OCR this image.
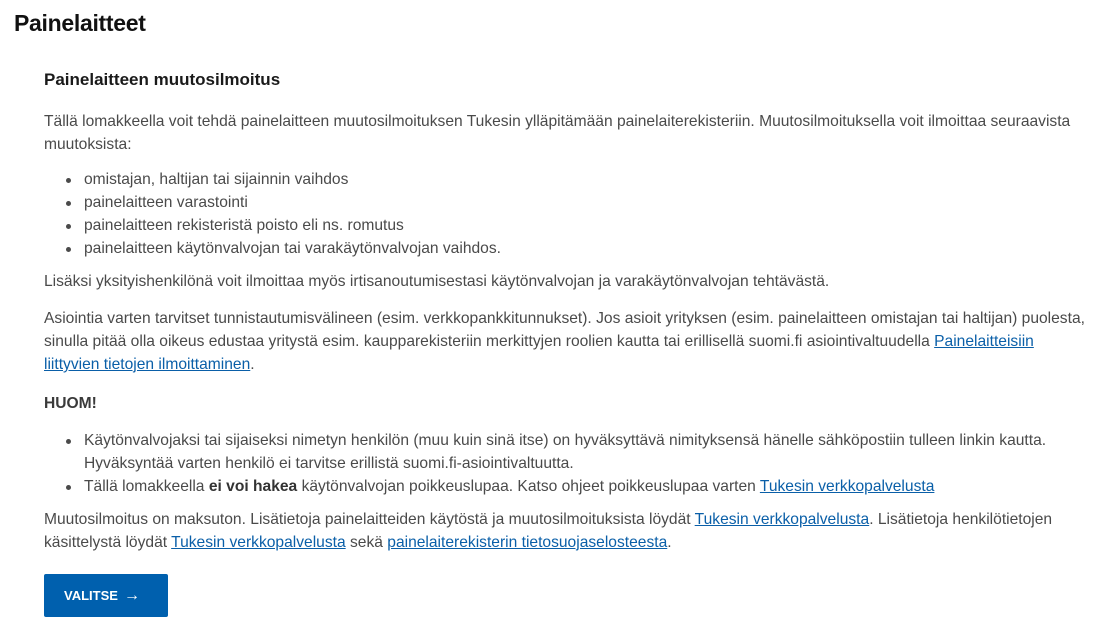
Painelaitteet
Painelaitteen muutosilmoitus

Tällä lomakkeella voit tehdä painelaitteen muutosilmoituksen Tukesin ylläpitämään painelaiterekisteriin. Muutosilmoituksella voit ilmoittaa seuraavista muutoksista:

omistajan, haltijan tai sijainnin vaihdos
painelaitteen varastointi
painelaitteen rekisteristä poisto eli ns. romutus
painelaitteen käytönvalvojan tai varakäytönvalvojan vaihdos.

Lisäksi yksityishenkilönä voit ilmoittaa myös irtisanoutumisestasi käytönvalvojan ja varakäytönvalvojan tehtävästä.

Asiointia varten tarvitset tunnistautumisvälineen (esim. verkkopankkitunnukset). Jos asioit yrityksen (esim. painelaitteen omistajan tai haltijan) puolesta, sinulla pitää olla oikeus edustaa yritystä esim. kaupparekisteriin merkittyjen roolien kautta tai erillisellä suomi.fi asiointivaltuudella Painelaitteisiin liittyvien tietojen ilmoittaminen.

HUOM!

Käytönvalvojaksi tai sijaiseksi nimetyn henkilön (muu kuin sinä itse) on hyväksyttävä nimityksensä hänelle sähköpostiin tulleen linkin kautta. Hyväksyntää varten henkilö ei tarvitse erillistä suomi.fi-asiointivaltuutta.
Tällä lomakkeella ei voi hakea käytönvalvojan poikkeuslupaa. Katso ohjeet poikkeuslupaa varten Tukesin verkkopalvelusta

Muutosilmoitus on maksuton. Lisätietoja painelaitteiden käytöstä ja muutosilmoituksista löydät Tukesin verkkopalvelusta. Lisätietoja henkilötietojen käsittelystä löydät Tukesin verkkopalvelusta sekä painelaiterekisterin tietosuojaselosteesta.

VALITSE →
